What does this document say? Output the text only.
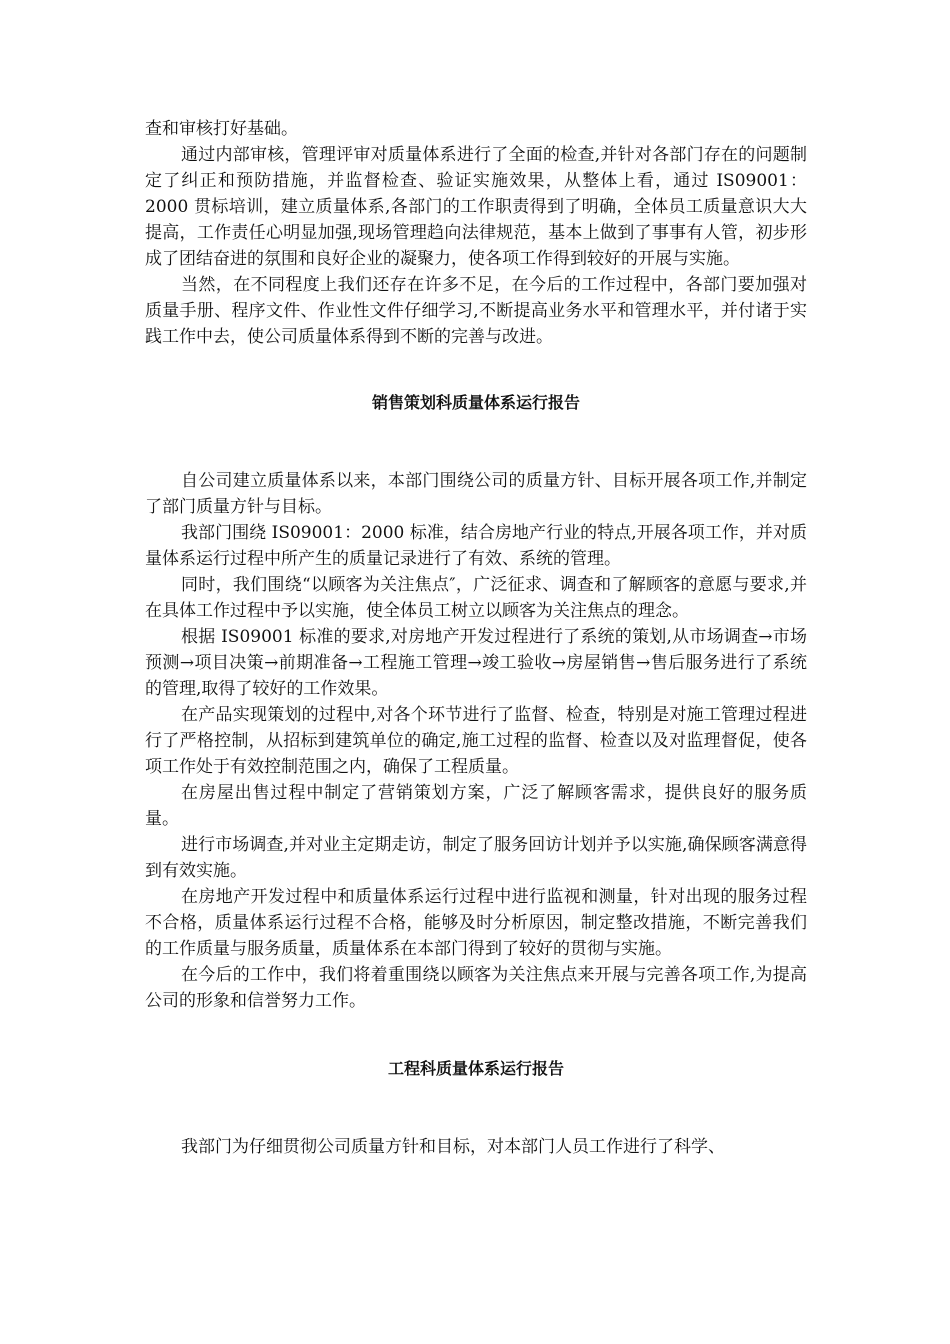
查和审核打好基础。

通过内部审核，管理评审对质量体系进行了全面的检查,并针对各部门存在的问题制定了纠正和预防措施，并监督检查、验证实施效果，从整体上看，通过 IS09001：2000 贯标培训，建立质量体系,各部门的工作职责得到了明确，全体员工质量意识大大提高，工作责任心明显加强,现场管理趋向法律规范，基本上做到了事事有人管，初步形成了团结奋进的氛围和良好企业的凝聚力，使各项工作得到较好的开展与实施。

当然，在不同程度上我们还存在许多不足，在今后的工作过程中，各部门要加强对质量手册、程序文件、作业性文件仔细学习,不断提高业务水平和管理水平，并付诸于实践工作中去，使公司质量体系得到不断的完善与改进。

销售策划科质量体系运行报告

自公司建立质量体系以来，本部门围绕公司的质量方针、目标开展各项工作,并制定了部门质量方针与目标。

我部门围绕 IS09001：2000 标准，结合房地产行业的特点,开展各项工作，并对质量体系运行过程中所产生的质量记录进行了有效、系统的管理。

同时，我们围绕“以顾客为关注焦点″，广泛征求、调查和了解顾客的意愿与要求,并在具体工作过程中予以实施，使全体员工树立以顾客为关注焦点的理念。

根据 IS09001 标准的要求,对房地产开发过程进行了系统的策划,从市场调查→市场预测→项目决策→前期准备→工程施工管理→竣工验收→房屋销售→售后服务进行了系统的管理,取得了较好的工作效果。

在产品实现策划的过程中,对各个环节进行了监督、检查，特别是对施工管理过程进行了严格控制，从招标到建筑单位的确定,施工过程的监督、检查以及对监理督促，使各项工作处于有效控制范围之内，确保了工程质量。

在房屋出售过程中制定了营销策划方案，广泛了解顾客需求，提供良好的服务质量。

进行市场调查,并对业主定期走访，制定了服务回访计划并予以实施,确保顾客满意得到有效实施。

在房地产开发过程中和质量体系运行过程中进行监视和测量，针对出现的服务过程不合格，质量体系运行过程不合格，能够及时分析原因，制定整改措施，不断完善我们的工作质量与服务质量，质量体系在本部门得到了较好的贯彻与实施。

在今后的工作中，我们将着重围绕以顾客为关注焦点来开展与完善各项工作,为提高公司的形象和信誉努力工作。

工程科质量体系运行报告

我部门为仔细贯彻公司质量方针和目标，对本部门人员工作进行了科学、
